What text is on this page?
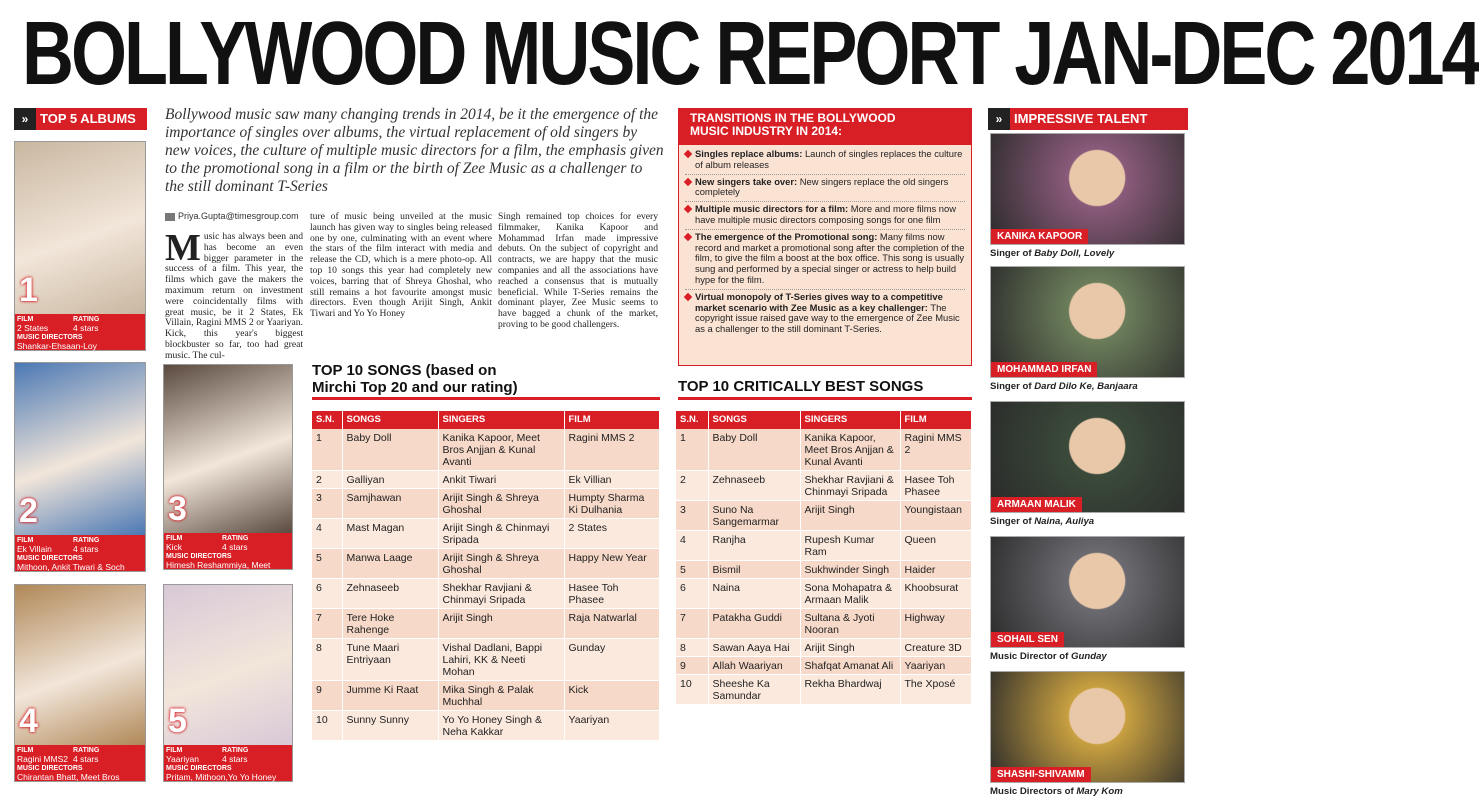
BOLLYWOOD MUSIC REPORT JAN-DEC 2014
» TOP 5 ALBUMS
1
FILM	RATING
2 States	4 stars
MUSIC DIRECTORS
Shankar-Ehsaan-Loy
2
FILM	RATING
Ek Villain	4 stars
MUSIC DIRECTORS
Mithoon, Ankit Tiwari & Soch
3
FILM	RATING
Kick	4 stars
MUSIC DIRECTORS
Himesh Reshammiya, Meet Bros Anjjan, Yo Yo Honey Singh
4
FILM	RATING
Ragini MMS2 4 stars
MUSIC DIRECTORS
Chirantan Bhatt, Meet Bros Anjjan, Yo Yo Honey Singh
5
FILM	RATING
Yaariyan	4 stars
MUSIC DIRECTORS
Pritam, Mithoon,Yo Yo Honey Singh, Arko Pravo Mukherjee
Bollywood music saw many changing trends in 2014, be it the emergence of the importance of singles over albums, the virtual replacement of old singers by new voices, the culture of multiple music directors for a film, the emphasis given to the promotional song in a film or the birth of Zee Music as a challenger to the still dominant T-Series
Priya.Gupta@timesgroup.com
Music has always been and has become an even bigger parameter in the success of a film. This year, the films which gave the makers the maximum return on investment were coincidentally films with great music, be it 2 States, Ek Villain, Ragini MMS 2 or Yaariyan. Kick, this year's biggest blockbuster so far, too had great music. The cul-
ture of music being unveiled at the music launch has given way to singles being released one by one, culminating with an event where the stars of the film interact with media and release the CD, which is a mere photo-op. All top 10 songs this year had completely new voices, barring that of Shreya Ghoshal, who still remains a hot favourite amongst music directors. Even though Arijit Singh, Ankit Tiwari and Yo Yo Honey
Singh remained top choices for every filmmaker, Kanika Kapoor and Mohammad Irfan made impressive debuts. On the subject of copyright and contracts, we are happy that the music companies and all the associations have reached a consensus that is mutually beneficial. While T-Series remains the dominant player, Zee Music seems to have bagged a chunk of the market, proving to be good challengers.
TOP 10 SONGS (based on
Mirchi Top 20 and our rating)
S.N.	SONGS	SINGERS	FILM
1	Baby Doll	Kanika Kapoor, Meet Bros Anjjan & Kunal Avanti	Ragini MMS 2
2	Galliyan	Ankit Tiwari	Ek Villian
3	Samjhawan	Arijit Singh & Shreya Ghoshal	Humpty Sharma Ki Dulhania
4	Mast Magan	Arijit Singh & Chinmayi Sripada	2 States
5	Manwa Laage	Arijit Singh & Shreya Ghoshal	Happy New Year
6	Zehnaseeb	Shekhar Ravjiani & Chinmayi Sripada	Hasee Toh Phasee
7	Tere Hoke Rahenge	Arijit Singh	Raja Natwarlal
8	Tune Maari Entriyaan	Vishal Dadlani, Bappi Lahiri, KK & Neeti Mohan	Gunday
9	Jumme Ki Raat	Mika Singh & Palak Muchhal	Kick
10	Sunny Sunny	Yo Yo Honey Singh & Neha Kakkar	Yaariyan
TRANSITIONS IN THE BOLLYWOOD
MUSIC INDUSTRY IN 2014:
Singles replace albums: Launch of singles replaces the culture of album releases
New singers take over: New singers replace the old singers completely
Multiple music directors for a film: More and more films now have multiple music directors composing songs for one film
The emergence of the Promotional song: Many films now record and market a promotional song after the completion of the film, to give the film a boost at the box office. This song is usually sung and performed by a special singer or actress to help build hype for the film.
Virtual monopoly of T-Series gives way to a competitive market scenario with Zee Music as a key challenger: The copyright issue raised gave way to the emergence of Zee Music as a challenger to the still dominant T-Series.
TOP 10 CRITICALLY BEST SONGS
S.N.	SONGS	SINGERS	FILM
1	Baby Doll	Kanika Kapoor, Meet Bros Anjjan & Kunal Avanti	Ragini MMS 2
2	Zehnaseeb	Shekhar Ravjiani & Chinmayi Sripada	Hasee Toh Phasee
3	Suno Na Sangemarmar	Arijit Singh	Youngistaan
4	Ranjha	Rupesh Kumar Ram	Queen
5	Bismil	Sukhwinder Singh	Haider
6	Naina	Sona Mohapatra & Armaan Malik	Khoobsurat
7	Patakha Guddi	Sultana & Jyoti Nooran	Highway
8	Sawan Aaya Hai	Arijit Singh	Creature 3D
9	Allah Waariyan	Shafqat Amanat Ali	Yaariyan
10	Sheeshe Ka Samundar	Rekha Bhardwaj	The Xposé
» IMPRESSIVE TALENT
KANIKA KAPOOR
Singer of Baby Doll, Lovely
MOHAMMAD IRFAN
Singer of Dard Dilo Ke, Banjaara
ARMAAN MALIK
Singer of Naina, Auliya
SOHAIL SEN
Music Director of Gunday
SHASHI-SHIVAMM
Music Directors of Mary Kom
